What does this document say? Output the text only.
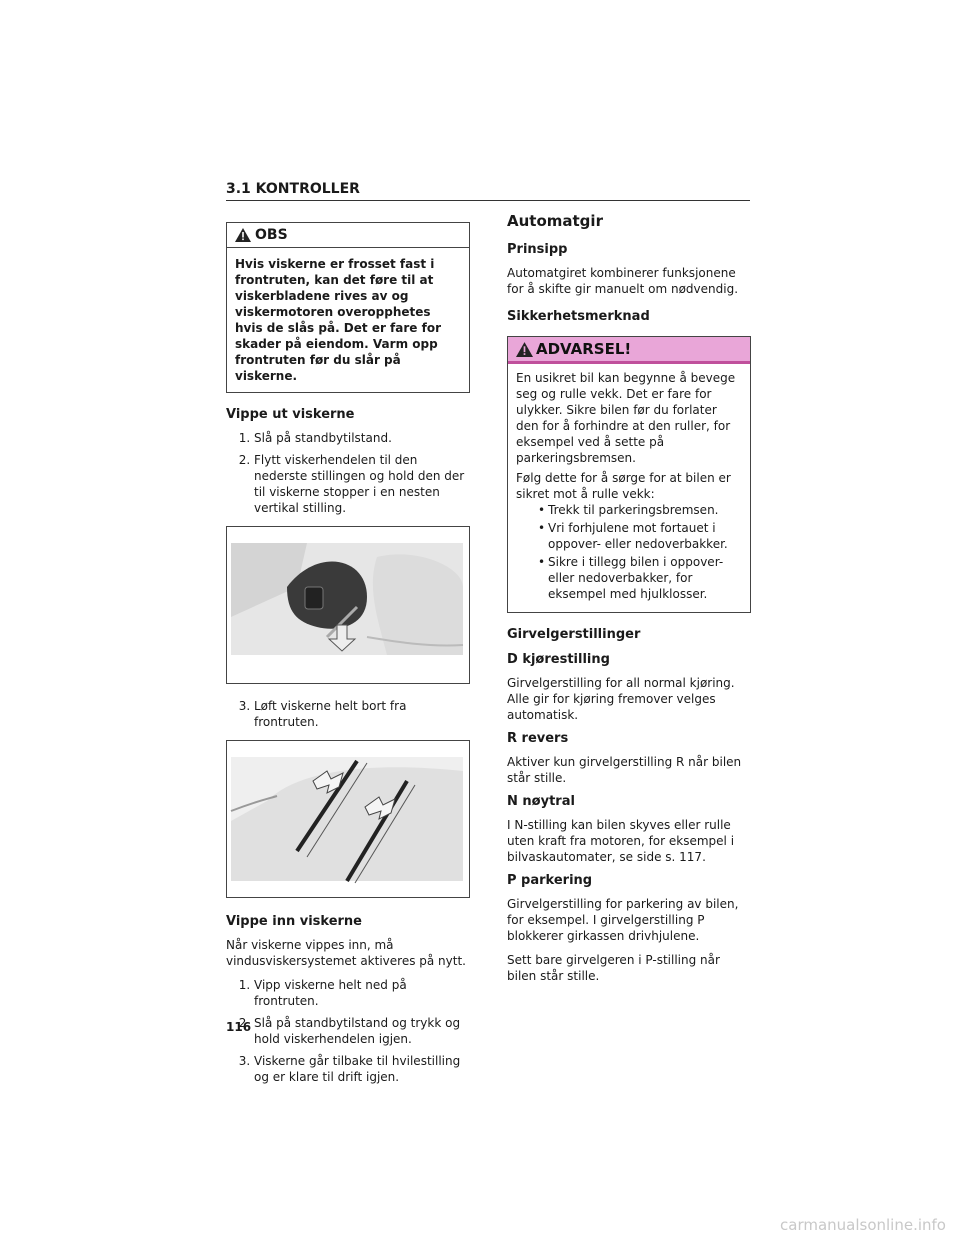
3.1 KONTROLLER
OBS
Hvis viskerne er frosset fast i frontruten, kan det føre til at viskerbladene rives av og viskermotoren overopphetes hvis de slås på. Det er fare for skader på eiendom. Varm opp frontruten før du slår på viskerne.
Vippe ut viskerne
1. Slå på standbytilstand.
2. Flytt viskerhendelen til den nederste stillingen og hold den der til viskerne stopper i en nesten vertikal stilling.
3. Løft viskerne helt bort fra frontruten.
Vippe inn viskerne

Når viskerne vippes inn, må vindusviskersystemet aktiveres på nytt.

1. Vipp viskerne helt ned på frontruten.
2. Slå på standbytilstand og trykk og hold viskerhendelen igjen.
3. Viskerne går tilbake til hvilestilling og er klare til drift igjen.
Automatgir
Prinsipp

Automatgiret kombinerer funksjonene for å skifte gir manuelt om nødvendig.

Sikkerhetsmerknad
ADVARSEL!

En usikret bil kan begynne å bevege seg og rulle vekk. Det er fare for ulykker. Sikre bilen før du forlater den for å forhindre at den ruller, for eksempel ved å sette på parkeringsbremsen.

Følg dette for å sørge for at bilen er sikret mot å rulle vekk:

• Trekk til parkeringsbremsen.
• Vri forhjulene mot fortauet i oppover- eller nedoverbakker.
• Sikre i tillegg bilen i oppover- eller nedoverbakker, for eksempel med hjulklosser.
Girvelgerstillinger
D kjørestilling

Girvelgerstilling for all normal kjøring. Alle gir for kjøring fremover velges automatisk.

R revers

Aktiver kun girvelgerstilling R når bilen står stille.

N nøytral

I N-stilling kan bilen skyves eller rulle uten kraft fra motoren, for eksempel i bilvaskautomater, se side s. 117.

P parkering

Girvelgerstilling for parkering av bilen, for eksempel. I girvelgerstilling P blokkerer girkassen drivhjulene.

Sett bare girvelgeren i P-stilling når bilen står stille.

116
carmanualsonline.info
